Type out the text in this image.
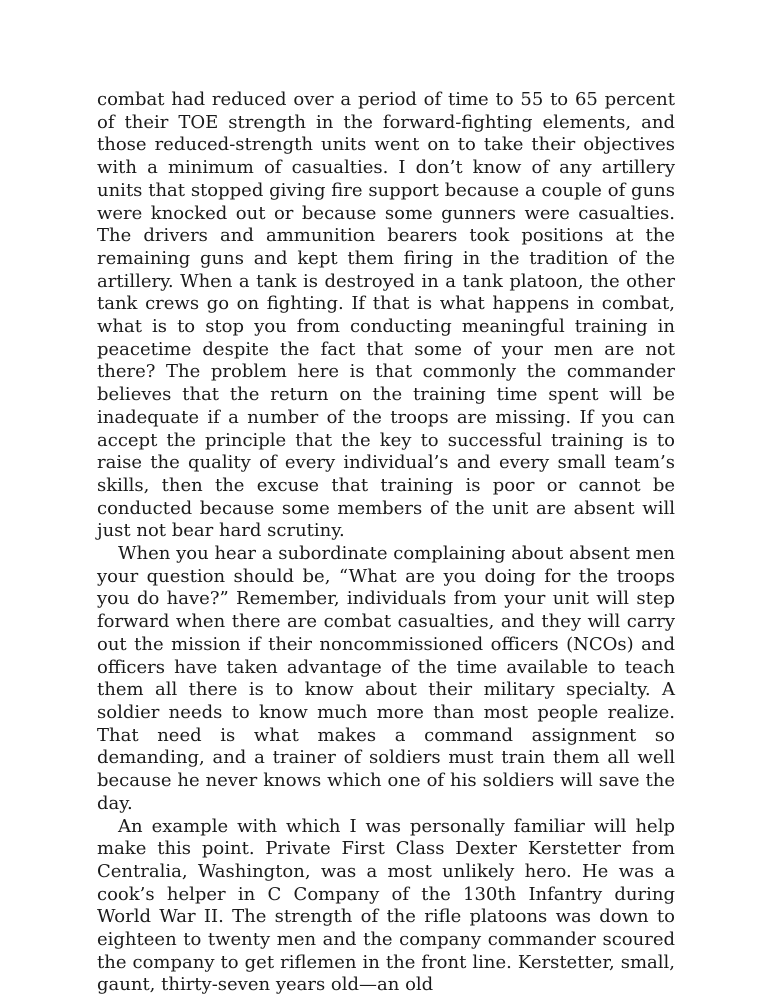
combat had reduced over a period of time to 55 to 65 percent of their TOE strength in the forward-fighting elements, and those reduced-strength units went on to take their objectives with a minimum of casualties. I don’t know of any artillery units that stopped giving fire support because a couple of guns were knocked out or because some gunners were casualties. The drivers and ammunition bearers took positions at the remaining guns and kept them firing in the tradition of the artillery. When a tank is destroyed in a tank platoon, the other tank crews go on fighting. If that is what happens in combat, what is to stop you from conducting meaningful training in peacetime despite the fact that some of your men are not there? The problem here is that commonly the commander believes that the return on the training time spent will be inadequate if a number of the troops are missing. If you can accept the principle that the key to successful training is to raise the quality of every individual’s and every small team’s skills, then the excuse that training is poor or cannot be conducted because some members of the unit are absent will just not bear hard scrutiny.

When you hear a subordinate complaining about absent men your question should be, “What are you doing for the troops you do have?” Remember, individuals from your unit will step forward when there are combat casualties, and they will carry out the mission if their noncommissioned officers (NCOs) and officers have taken advantage of the time available to teach them all there is to know about their military specialty. A soldier needs to know much more than most people realize. That need is what makes a command assignment so demanding, and a trainer of soldiers must train them all well because he never knows which one of his soldiers will save the day.

An example with which I was personally familiar will help make this point. Private First Class Dexter Kerstetter from Centralia, Washington, was a most unlikely hero. He was a cook’s helper in C Company of the 130th Infantry during World War II. The strength of the rifle platoons was down to eighteen to twenty men and the company commander scoured the company to get riflemen in the front line. Kerstetter, small, gaunt, thirty-seven years old—an old
